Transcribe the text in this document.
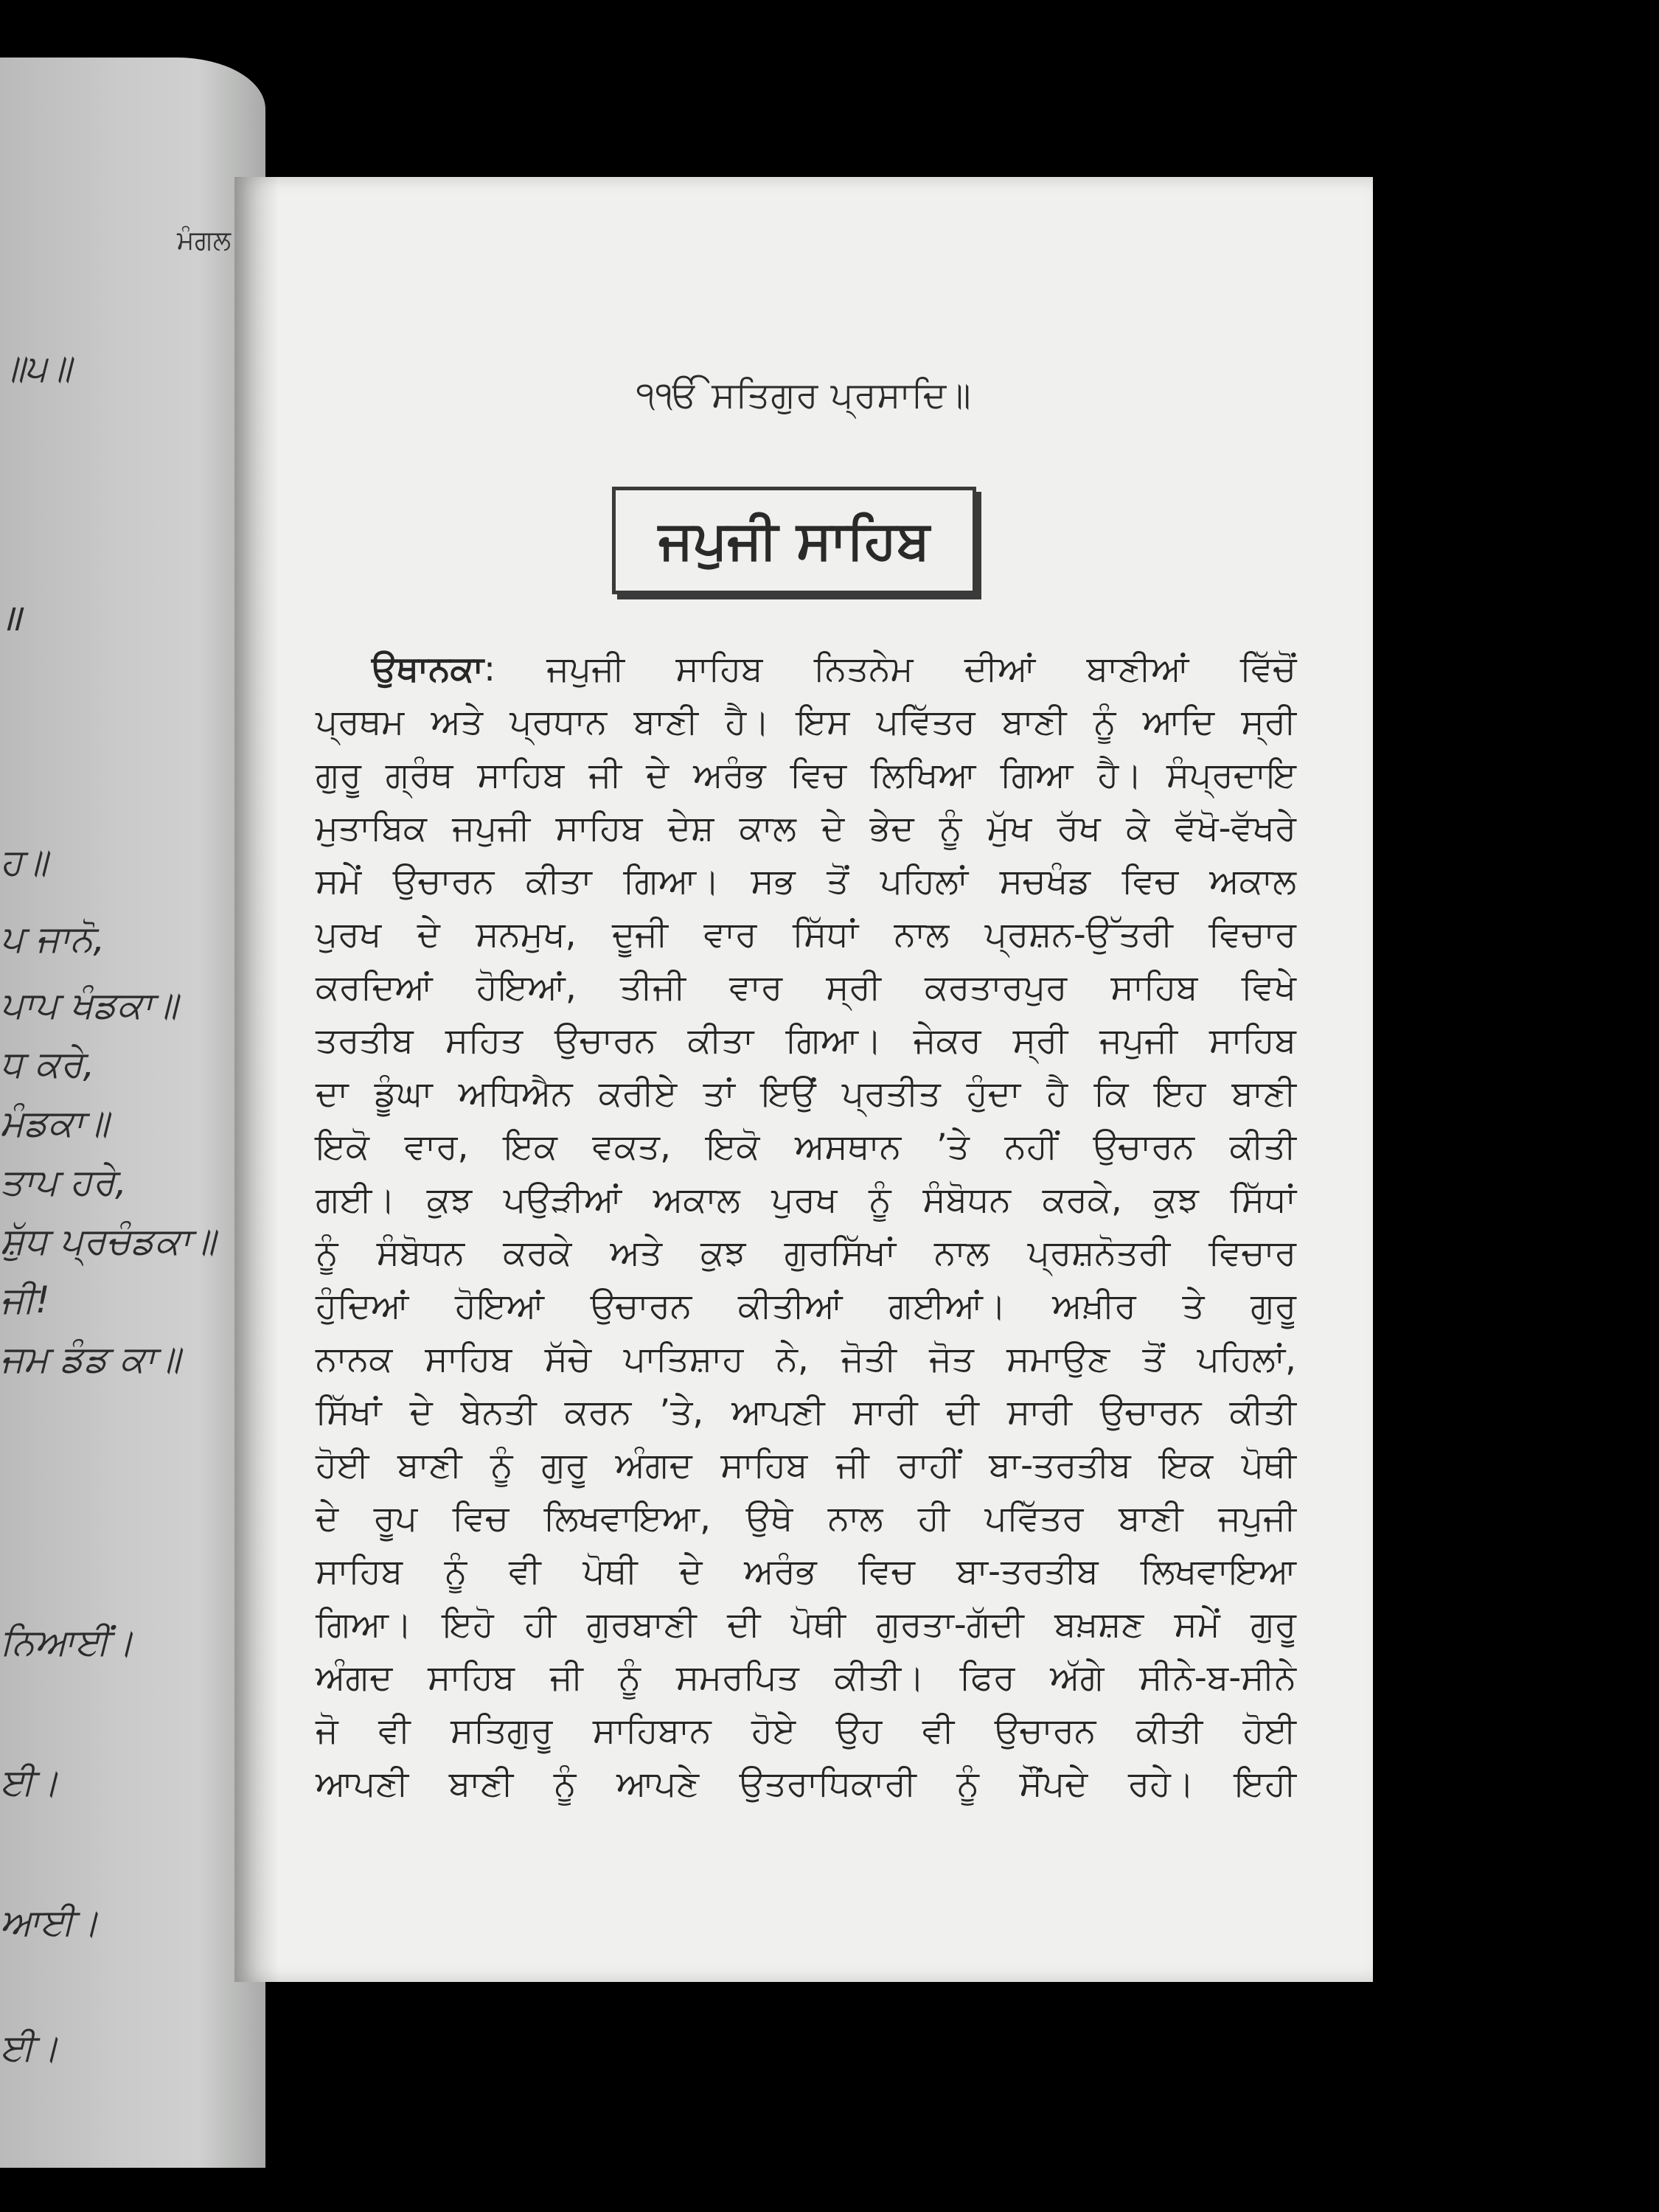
ਮੰਗਲ
॥੫॥
॥
ਹ॥
ਪ ਜਾਨੋ,
ਪਾਪ ਖੰਡਕਾ॥
ਧ ਕਰੇ,
ਮੰਡਕਾ॥
ਤਾਪ ਹਰੇ,
ਸ਼ੁੱਧ ਪ੍ਰਚੰਡਕਾ॥
ਜੀ!
ਜਮ ਡੰਡ ਕਾ॥
ਨਿਆਈਂ।
ਈ।
ਆਈ।
ਈ।
੧ੴ ਸਤਿਗੁਰ ਪ੍ਰਸਾਦਿ॥
ਜਪੁਜੀ ਸਾਹਿਬ
ਉਥਾਨਕਾ: ਜਪੁਜੀ ਸਾਹਿਬ ਨਿਤਨੇਮ ਦੀਆਂ ਬਾਣੀਆਂ ਵਿੱਚੋਂ
ਪ੍ਰਥਮ ਅਤੇ ਪ੍ਰਧਾਨ ਬਾਣੀ ਹੈ। ਇਸ ਪਵਿੱਤਰ ਬਾਣੀ ਨੂੰ ਆਦਿ ਸ੍ਰੀ
ਗੁਰੂ ਗ੍ਰੰਥ ਸਾਹਿਬ ਜੀ ਦੇ ਅਰੰਭ ਵਿਚ ਲਿਖਿਆ ਗਿਆ ਹੈ। ਸੰਪ੍ਰਦਾਇ
ਮੁਤਾਬਿਕ ਜਪੁਜੀ ਸਾਹਿਬ ਦੇਸ਼ ਕਾਲ ਦੇ ਭੇਦ ਨੂੰ ਮੁੱਖ ਰੱਖ ਕੇ ਵੱਖੋ-ਵੱਖਰੇ
ਸਮੇਂ ਉਚਾਰਨ ਕੀਤਾ ਗਿਆ। ਸਭ ਤੋਂ ਪਹਿਲਾਂ ਸਚਖੰਡ ਵਿਚ ਅਕਾਲ
ਪੁਰਖ ਦੇ ਸਨਮੁਖ, ਦੂਜੀ ਵਾਰ ਸਿੱਧਾਂ ਨਾਲ ਪ੍ਰਸ਼ਨ-ਉੱਤਰੀ ਵਿਚਾਰ
ਕਰਦਿਆਂ ਹੋਇਆਂ, ਤੀਜੀ ਵਾਰ ਸ੍ਰੀ ਕਰਤਾਰਪੁਰ ਸਾਹਿਬ ਵਿਖੇ
ਤਰਤੀਬ ਸਹਿਤ ਉਚਾਰਨ ਕੀਤਾ ਗਿਆ। ਜੇਕਰ ਸ੍ਰੀ ਜਪੁਜੀ ਸਾਹਿਬ
ਦਾ ਡੂੰਘਾ ਅਧਿਐਨ ਕਰੀਏ ਤਾਂ ਇਉਂ ਪ੍ਰਤੀਤ ਹੁੰਦਾ ਹੈ ਕਿ ਇਹ ਬਾਣੀ
ਇਕੋ ਵਾਰ, ਇਕ ਵਕਤ, ਇਕੋ ਅਸਥਾਨ ’ਤੇ ਨਹੀਂ ਉਚਾਰਨ ਕੀਤੀ
ਗਈ। ਕੁਝ ਪਉੜੀਆਂ ਅਕਾਲ ਪੁਰਖ ਨੂੰ ਸੰਬੋਧਨ ਕਰਕੇ, ਕੁਝ ਸਿੱਧਾਂ
ਨੂੰ ਸੰਬੋਧਨ ਕਰਕੇ ਅਤੇ ਕੁਝ ਗੁਰਸਿੱਖਾਂ ਨਾਲ ਪ੍ਰਸ਼ਨੋਤਰੀ ਵਿਚਾਰ
ਹੁੰਦਿਆਂ ਹੋਇਆਂ ਉਚਾਰਨ ਕੀਤੀਆਂ ਗਈਆਂ। ਅਖ਼ੀਰ ਤੇ ਗੁਰੂ
ਨਾਨਕ ਸਾਹਿਬ ਸੱਚੇ ਪਾਤਿਸ਼ਾਹ ਨੇ, ਜੋਤੀ ਜੋਤ ਸਮਾਉਣ ਤੋਂ ਪਹਿਲਾਂ,
ਸਿੱਖਾਂ ਦੇ ਬੇਨਤੀ ਕਰਨ ’ਤੇ, ਆਪਣੀ ਸਾਰੀ ਦੀ ਸਾਰੀ ਉਚਾਰਨ ਕੀਤੀ
ਹੋਈ ਬਾਣੀ ਨੂੰ ਗੁਰੂ ਅੰਗਦ ਸਾਹਿਬ ਜੀ ਰਾਹੀਂ ਬਾ-ਤਰਤੀਬ ਇਕ ਪੋਥੀ
ਦੇ ਰੂਪ ਵਿਚ ਲਿਖਵਾਇਆ, ਉਥੇ ਨਾਲ ਹੀ ਪਵਿੱਤਰ ਬਾਣੀ ਜਪੁਜੀ
ਸਾਹਿਬ ਨੂੰ ਵੀ ਪੋਥੀ ਦੇ ਅਰੰਭ ਵਿਚ ਬਾ-ਤਰਤੀਬ ਲਿਖਵਾਇਆ
ਗਿਆ। ਇਹੋ ਹੀ ਗੁਰਬਾਣੀ ਦੀ ਪੋਥੀ ਗੁਰਤਾ-ਗੱਦੀ ਬਖ਼ਸ਼ਣ ਸਮੇਂ ਗੁਰੂ
ਅੰਗਦ ਸਾਹਿਬ ਜੀ ਨੂੰ ਸਮਰਪਿਤ ਕੀਤੀ। ਫਿਰ ਅੱਗੇ ਸੀਨੇ-ਬ-ਸੀਨੇ
ਜੋ ਵੀ ਸਤਿਗੁਰੂ ਸਾਹਿਬਾਨ ਹੋਏ ਉਹ ਵੀ ਉਚਾਰਨ ਕੀਤੀ ਹੋਈ
ਆਪਣੀ ਬਾਣੀ ਨੂੰ ਆਪਣੇ ਉਤਰਾਧਿਕਾਰੀ ਨੂੰ ਸੌਂਪਦੇ ਰਹੇ। ਇਹੀ
